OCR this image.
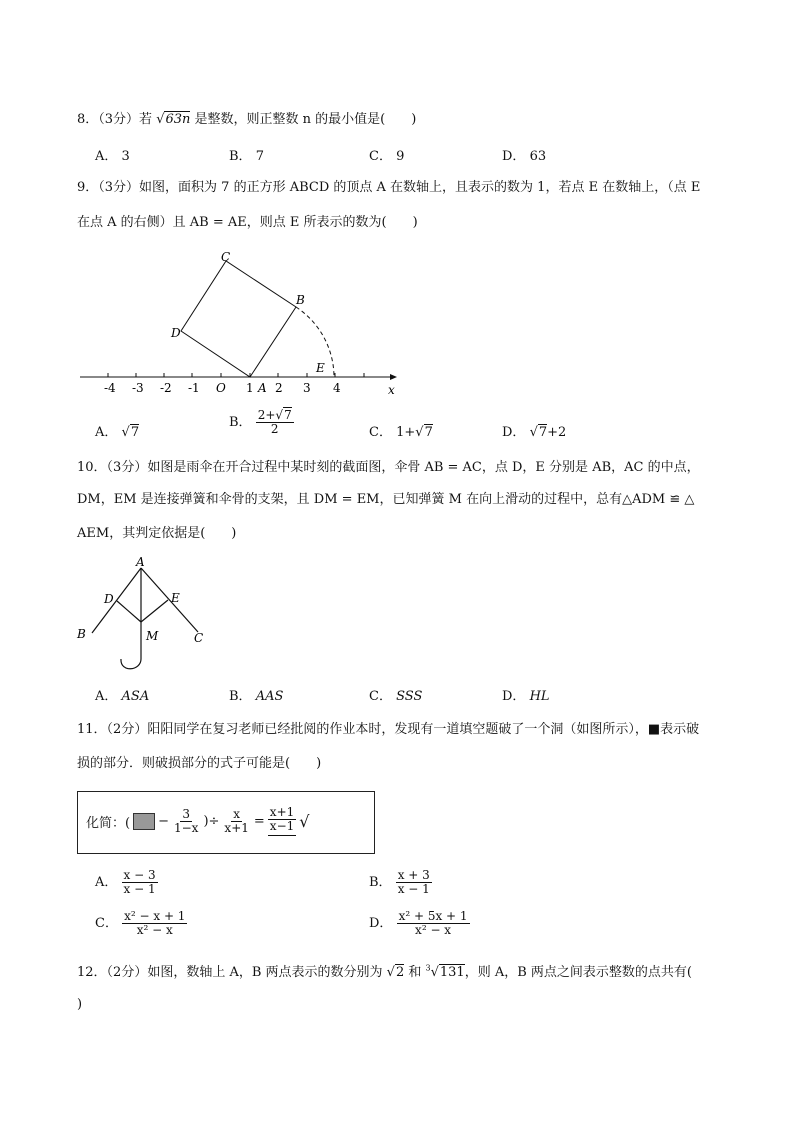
8．（3分）若 √63n 是整数，则正整数 n 的最小值是(　　)
A． 3	B． 7	C． 9	D． 63
9．（3分）如图，面积为 7 的正方形 ABCD 的顶点 A 在数轴上，且表示的数为 1，若点 E 在数轴上，（点 E
在点 A 的右侧）且 AB = AE，则点 E 所表示的数为(　　)
-4 -3 -2 -1 O 1 2 3 4	x
A
B
C
D
E
A． √7
B． $\frac{2+√7}{2}$	C． 1+√7	D． √7+2
10．（3分）如图是雨伞在开合过程中某时刻的截面图，伞骨 AB = AC，点 D，E 分别是 AB，AC 的中点，
DM，EM 是连接弹簧和伞骨的支架，且 DM = EM，已知弹簧 M 在向上滑动的过程中，总有△ADM ≌ △
AEM，其判定依据是(　　)
A
B	C
D	E
M
A． ASA	B． AAS	C． SSS	D． HL
11．（2分）阳阳同学在复习老师已经批阅的作业本时，发现有一道填空题破了一个洞（如图所示），■表示破
损的部分．则破损部分的式子可能是(　　)
化简：( − $\frac{3}{1-x}$ )÷ $\frac{x}{x+1} = \frac{x+1}{x-1}$ √
A． $\frac{x - 3}{x - 1}$	B． $\frac{x + 3}{x - 1}$
C． $\frac{\text{x² − x + 1}}{\text{x² − x}}$	D． $\frac{\text{x² + 5x + 1}}{\text{x² − x}}$
12．（2分）如图，数轴上 A，B 两点表示的数分别为 √2 和 $^3$√131，则 A，B 两点之间表示整数的点共有(
)
